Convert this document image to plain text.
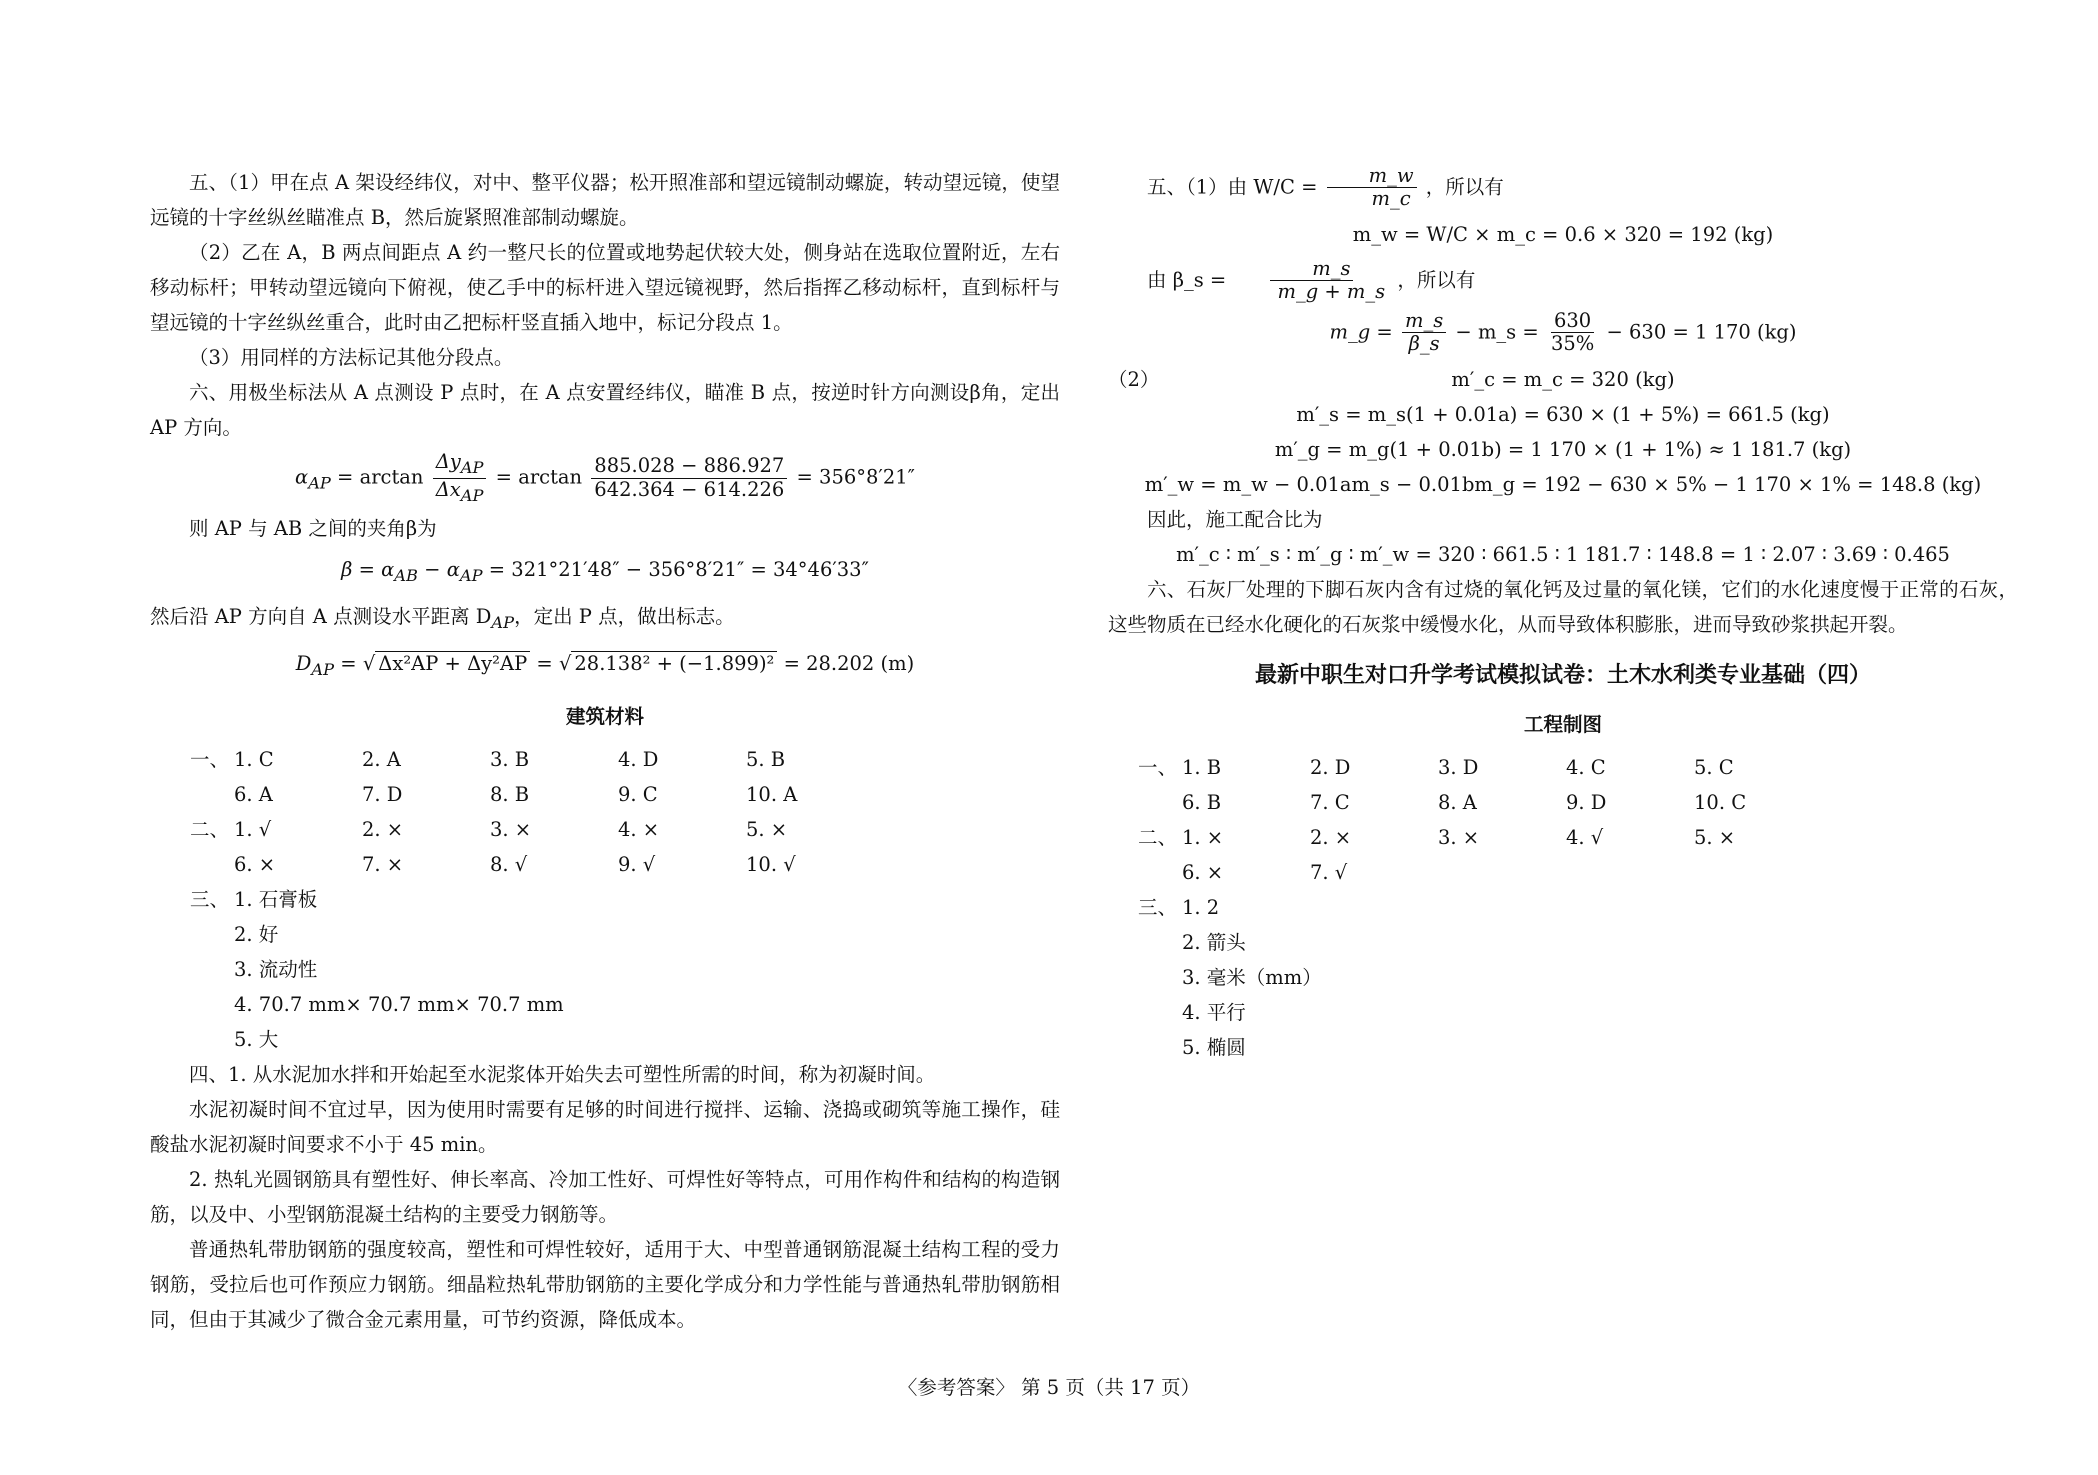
五、（1）甲在点 A 架设经纬仪，对中、整平仪器；松开照准部和望远镜制动螺旋，转动望远镜，使望远镜的十字丝纵丝瞄准点 B，然后旋紧照准部制动螺旋。

（2）乙在 A，B 两点间距点 A 约一整尺长的位置或地势起伏较大处，侧身站在选取位置附近，左右移动标杆；甲转动望远镜向下俯视，使乙手中的标杆进入望远镜视野，然后指挥乙移动标杆，直到标杆与望远镜的十字丝纵丝重合，此时由乙把标杆竖直插入地中，标记分段点 1。

（3）用同样的方法标记其他分段点。

六、用极坐标法从 A 点测设 P 点时，在 A 点安置经纬仪，瞄准 B 点，按逆时针方向测设β角，定出 AP 方向。

$\alpha_{AP} = \arctan \frac{\Delta y_{AP}}{\Delta x_{AP}} = \arctan \frac{885.028 - 886.927}{642.364 - 614.226} = 356^\circ 8'21''$

则 AP 与 AB 之间的夹角β为

$\beta = \alpha_{AB} - \alpha_{AP} = 321^\circ 21'48'' - 356^\circ 8'21'' = 34^\circ 46'33''$

然后沿 AP 方向自 A 点测设水平距离 $D_{AP}$，定出 P 点，做出标志。

$D_{AP}$ = √ Δx²AP + Δy²AP = √ 28.138² + (−1.899)² = 28.202 (m)
建筑材料
一、 1. C	2. A	3. B	4. D	5. B
6. A	7. D	8. B	9. C	10. A
二、 1. √	2. ×	3. ×	4. ×	5. ×
6. ×	7. ×	8. √	9. √	10. √
三、 1. 石膏板
2. 好
3. 流动性
4. 70.7 mm× 70.7 mm× 70.7 mm
5. 大

四、1. 从水泥加水拌和开始起至水泥浆体开始失去可塑性所需的时间，称为初凝时间。

水泥初凝时间不宜过早，因为使用时需要有足够的时间进行搅拌、运输、浇捣或砌筑等施工操作，硅酸盐水泥初凝时间要求不小于 45 min。

2. 热轧光圆钢筋具有塑性好、伸长率高、冷加工性好、可焊性好等特点，可用作构件和结构的构造钢筋，以及中、小型钢筋混凝土结构的主要受力钢筋等。

普通热轧带肋钢筋的强度较高，塑性和可焊性较好，适用于大、中型普通钢筋混凝土结构工程的受力钢筋，受拉后也可作预应力钢筋。细晶粒热轧带肋钢筋的主要化学成分和力学性能与普通热轧带肋钢筋相同，但由于其减少了微合金元素用量，可节约资源，降低成本。

五、（1）由 $W/C = \frac{m\_w}{m\_c}$ ，所以有

m_w = W/C × m_c = 0.6 × 320 = 192 (kg)

由 β_s = $\frac{m\_s}{m\_g + m\_s}$ ，所以有

m_g = $\frac{m\_s}{\beta\_s}$ − m_s = $\frac{630}{35\%} - 630 = 1$ 170 (kg)
（2）	m′_c = m_c = 320 (kg)
m′_s = m_s(1 + 0.01a) = 630 × (1 + 5%) = 661.5 (kg)
m′_g = m_g(1 + 0.01b) = 1 170 × (1 + 1%) ≈ 1 181.7 (kg)
m′_w = m_w − 0.01am_s − 0.01bm_g = 192 − 630 × 5% − 1 170 × 1% = 148.8 (kg)

因此，施工配合比为

m′_c ∶ m′_s ∶ m′_g ∶ m′_w = 320 ∶ 661.5 ∶ 1 181.7 ∶ 148.8 = 1 ∶ 2.07 ∶ 3.69 ∶ 0.465

六、石灰厂处理的下脚石灰内含有过烧的氧化钙及过量的氧化镁，它们的水化速度慢于正常的石灰，这些物质在已经水化硬化的石灰浆中缓慢水化，从而导致体积膨胀，进而导致砂浆拱起开裂。

最新中职生对口升学考试模拟试卷：土木水利类专业基础（四）
工程制图
一、 1. B	2. D	3. D	4. C	5. C
6. B	7. C	8. A	9. D	10. C
二、 1. ×	2. ×	3. ×	4. √	5. ×
6. ×	7. √
三、 1. 2
2. 箭头
3. 毫米（mm）
4. 平行
5. 椭圆
〈参考答案〉 第 5 页（共 17 页）
